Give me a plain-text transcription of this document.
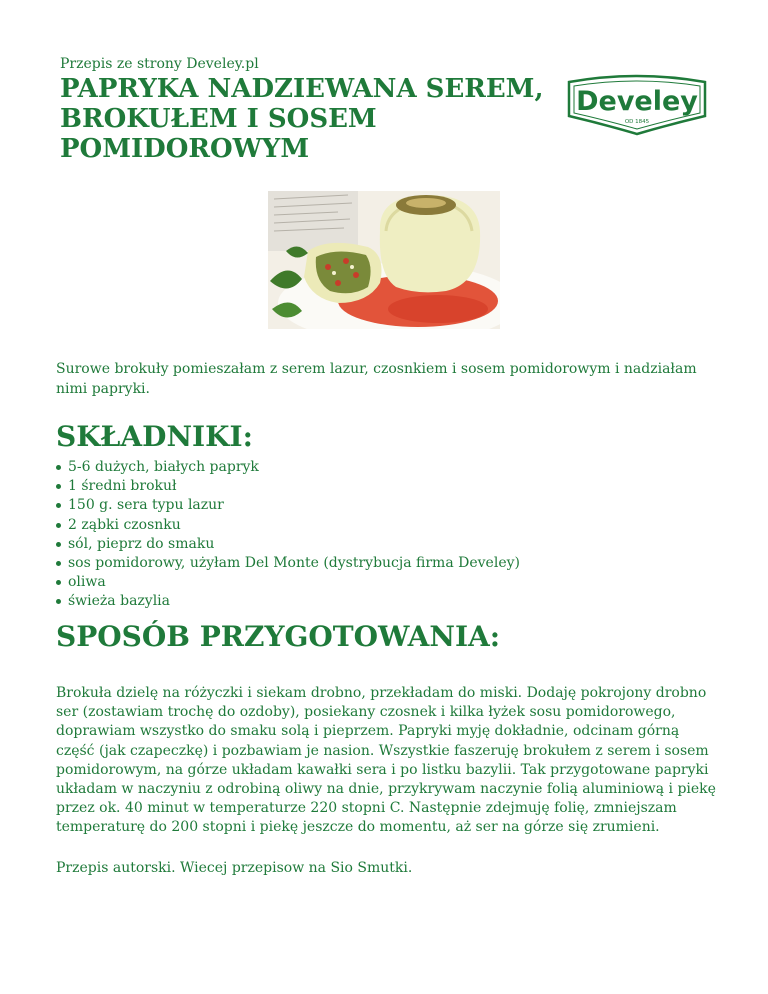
Przepis ze strony Develey.pl
PAPRYKA NADZIEWANA SEREM, BROKUŁEM I SOSEM POMIDOROWYM
Develey
OD 1845

Surowe brokuły pomieszałam z serem lazur, czosnkiem i sosem pomidorowym i nadziałam nimi papryki.

SKŁADNIKI:
5-6 dużych, białych papryk
1 średni brokuł
150 g. sera typu lazur
2 ząbki czosnku
sól, pieprz do smaku
sos pomidorowy, użyłam Del Monte (dystrybucja firma Develey)
oliwa
świeża bazylia
SPOSÓB PRZYGOTOWANIA:

Brokuła dzielę na różyczki i siekam drobno, przekładam do miski. Dodaję pokrojony drobno ser (zostawiam trochę do ozdoby), posiekany czosnek i kilka łyżek sosu pomidorowego, doprawiam wszystko do smaku solą i pieprzem. Papryki myję dokładnie, odcinam górną część (jak czapeczkę) i pozbawiam je nasion. Wszystkie faszeruję brokułem z serem i sosem pomidorowym, na górze układam kawałki sera i po listku bazylii. Tak przygotowane papryki układam w naczyniu z odrobiną oliwy na dnie, przykrywam naczynie folią aluminiową i piekę przez ok. 40 minut w temperaturze 220 stopni C. Następnie zdejmuję folię, zmniejszam temperaturę do 200 stopni i piekę jeszcze do momentu, aż ser na górze się zrumieni.

Przepis autorski. Wiecej przepisow na Sio Smutki.
